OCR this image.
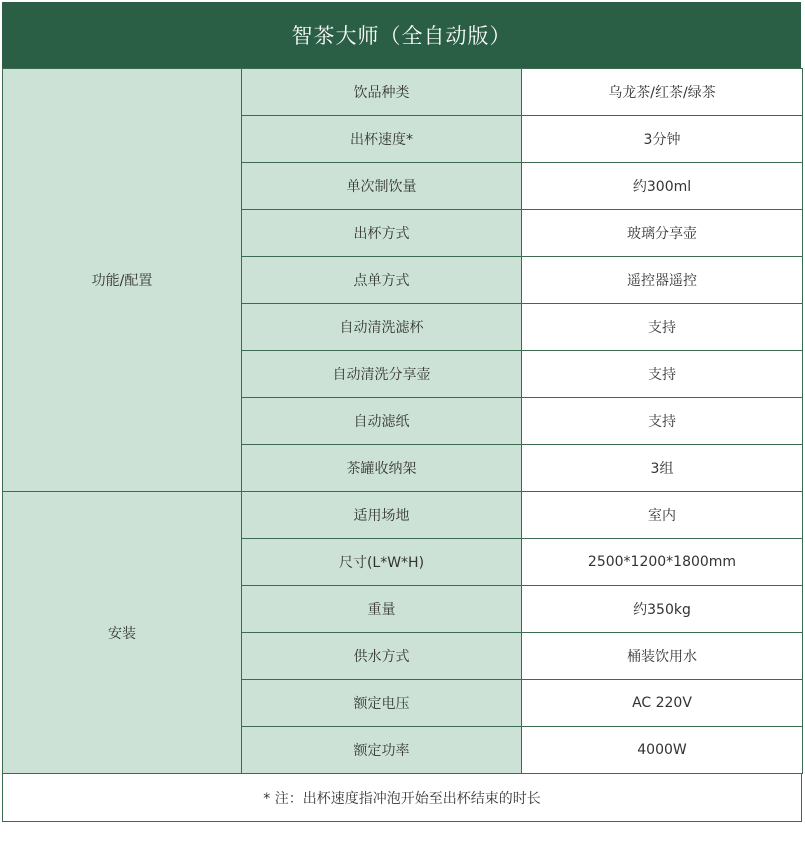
智茶大师（全自动版）
功能/配置	饮品种类	乌龙茶/红茶/绿茶
	出杯速度*	3分钟
	单次制饮量	约300ml
	出杯方式	玻璃分享壶
	点单方式	遥控器遥控
	自动清洗滤杯	支持
	自动清洗分享壶	支持
	自动滤纸	支持
	茶罐收纳架	3组
安装	适用场地	室内
	尺寸(L*W*H)	2500*1200*1800mm
	重量	约350kg
	供水方式	桶装饮用水
	额定电压	AC 220V
	额定功率	4000W
* 注：出杯速度指冲泡开始至出杯结束的时长
